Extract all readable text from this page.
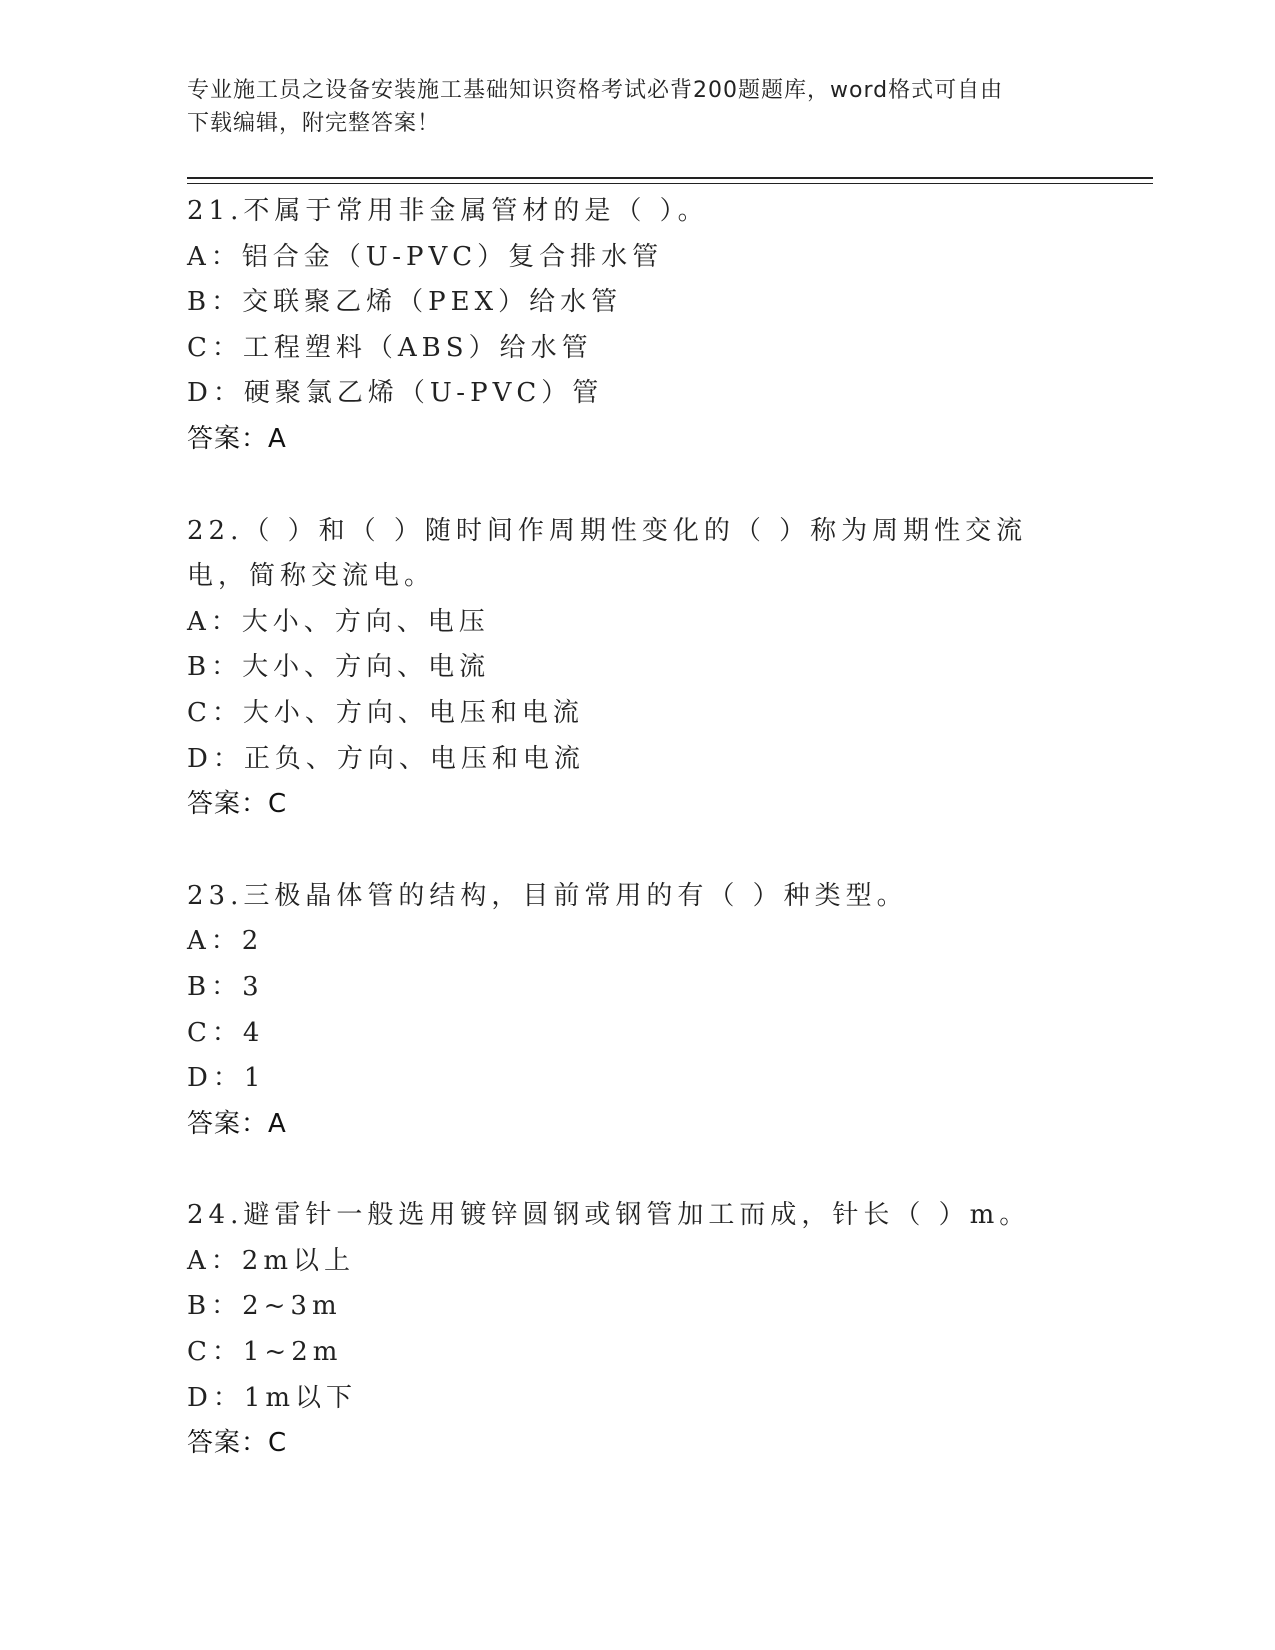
专业施工员之设备安装施工基础知识资格考试必背200题题库，word格式可自由
下载编辑，附完整答案！
21.不属于常用非金属管材的是（ ）。
A：铝合金（U-PVC）复合排水管
B：交联聚乙烯（PEX）给水管
C：工程塑料（ABS）给水管
D：硬聚氯乙烯（U-PVC）管
答案：A
22.（ ）和（ ）随时间作周期性变化的（ ）称为周期性交流电，简称交流电。
A：大小、方向、电压
B：大小、方向、电流
C：大小、方向、电压和电流
D：正负、方向、电压和电流
答案：C
23.三极晶体管的结构，目前常用的有（ ）种类型。
A：2
B：3
C：4
D：1
答案：A
24.避雷针一般选用镀锌圆钢或钢管加工而成，针长（ ）m。
A：2m以上
B：2~3m
C：1~2m
D：1m以下
答案：C
